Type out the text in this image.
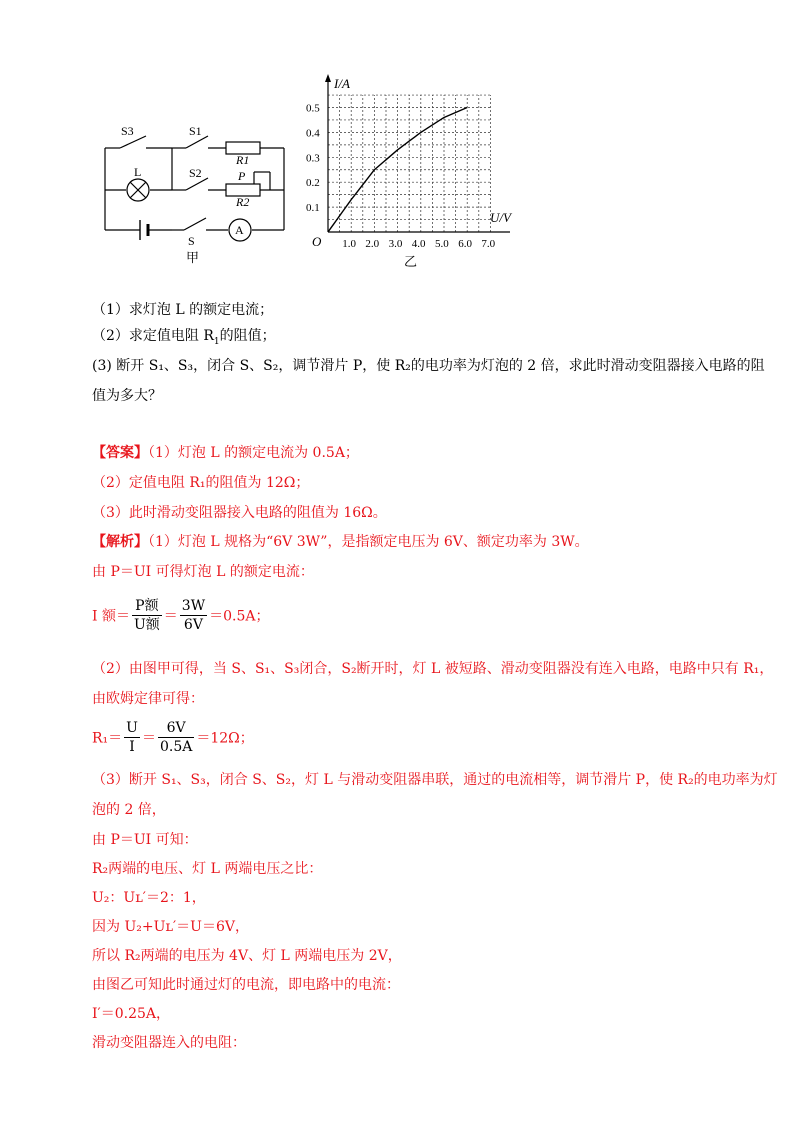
S3	S1
S2
L
R1
R2
P
S
A
甲
1.0 2.0 3.0 4.0 5.0 6.0 7.0
0.1
0.2
0.3
0.4
0.5
I/A
U/V
O
乙
（1）求灯泡 L 的额定电流；
（2）求定值电阻 $R_1$的阻值；
(3) 断开 S₁、S₃，闭合 S、S₂，调节滑片 P，使 R₂的电功率为灯泡的 2 倍，求此时滑动变阻器接入电路的阻
值为多大？
【答案】（1）灯泡 L 的额定电流为 0.5A；
（2）定值电阻 R₁的阻值为 12Ω；
（3）此时滑动变阻器接入电路的阻值为 16Ω。
【解析】（1）灯泡 L 规格为“6V 3W”，是指额定电压为 6V、额定功率为 3W。
由 P＝UI 可得灯泡 L 的额定电流：
I 额＝ $\frac{\text{P额}}{\text{U额}} = \frac{3W}{6V} =0.5A$；
（2）由图甲可得，当 S、S₁、S₃闭合，S₂断开时，灯 L 被短路、滑动变阻器没有连入电路，电路中只有 R₁，
由欧姆定律可得：
$R_1= \frac{U}{I} = \frac{6V}{0.5A} =12\Omega$；
（3）断开 S₁、S₃，闭合 S、S₂，灯 L 与滑动变阻器串联，通过的电流相等，调节滑片 P，使 R₂的电功率为灯
泡的 2 倍，
由 P＝UI 可知：
R₂两端的电压、灯 L 两端电压之比：
U₂：Uʟ′＝2：1，
因为 U₂+Uʟ′＝U＝6V，
所以 R₂两端的电压为 4V、灯 L 两端电压为 2V，
由图乙可知此时通过灯的电流，即电路中的电流：
I′＝0.25A，
滑动变阻器连入的电阻：
